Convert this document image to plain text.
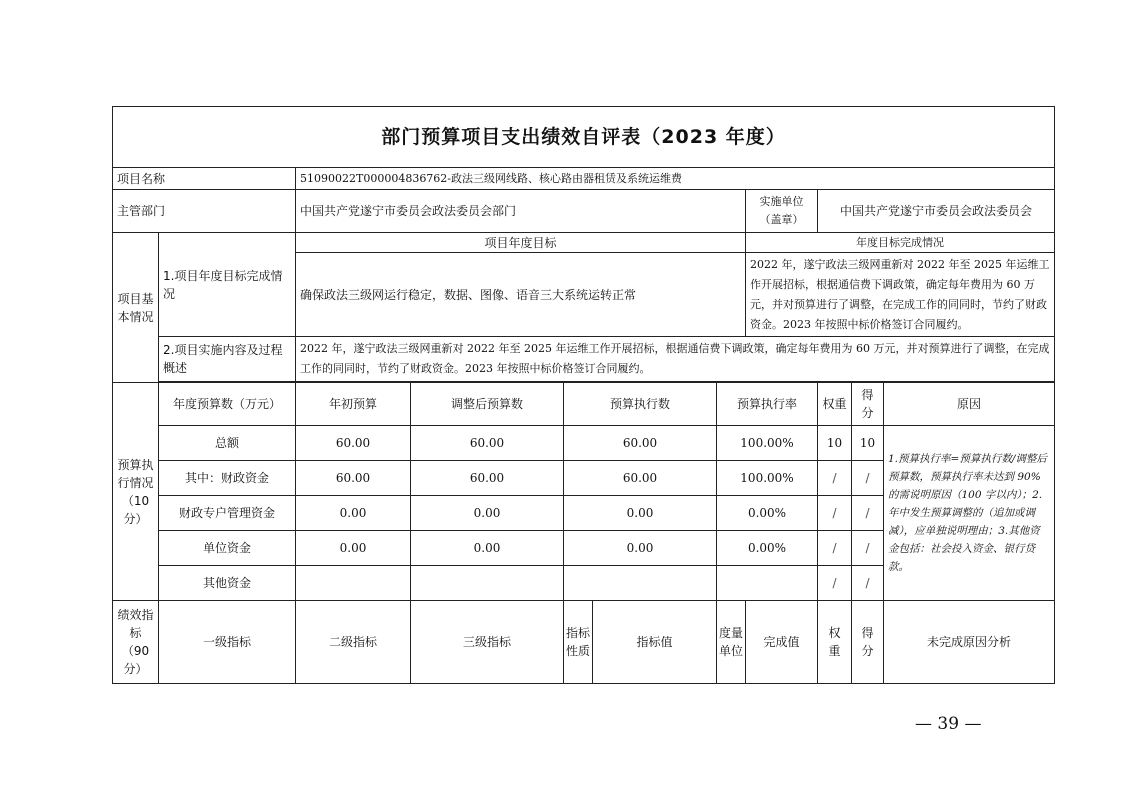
部门预算项目支出绩效自评表（2023 年度）										
项目名称		51090022T000004836762-政法三级网线路、核心路由器租赁及系统运维费								
主管部门		中国共产党遂宁市委员会政法委员会部门					实施单位（盖章）	中国共产党遂宁市委员会政法委员会		
项目基本情况	1.项目年度目标完成情况	项目年度目标					年度目标完成情况			
		确保政法三级网运行稳定，数据、图像、语音三大系统运转正常					2022 年，遂宁政法三级网重新对 2022 年至 2025 年运维工作开展招标，根据通信费下调政策，确定每年费用为 60 万元，并对预算进行了调整，在完成工作的同同时，节约了财政资金。2023 年按照中标价格签订合同履约。			
	2.项目实施内容及过程概述	2022 年，遂宁政法三级网重新对 2022 年至 2025 年运维工作开展招标，根据通信费下调政策，确定每年费用为 60 万元，并对预算进行了调整，在完成工作的同同时，节约了财政资金。2023 年按照中标价格签订合同履约。								

预算执行情况（10分）	年度预算数（万元）	年初预算	调整后预算数	预算执行数		预算执行率		权重	得分	原因
	总额	60.00	60.00	60.00		100.00%		10	10	1.预算执行率=预算执行数/调整后预算数，预算执行率未达到 90%的需说明原因（100 字以内）；2.年中发生预算调整的（追加或调减），应单独说明理由；3.其他资金包括：社会投入资金、银行贷款。
	其中：财政资金	60.00	60.00	60.00		100.00%		/	/	
	财政专户管理资金	0.00	0.00	0.00		0.00%		/	/	
	单位资金	0.00	0.00	0.00		0.00%		/	/	
	其他资金							/	/	
绩效指标（90分）	一级指标	二级指标	三级指标	指标性质	指标值	度量单位	完成值	权重	得分	未完成原因分析
— 39 —
